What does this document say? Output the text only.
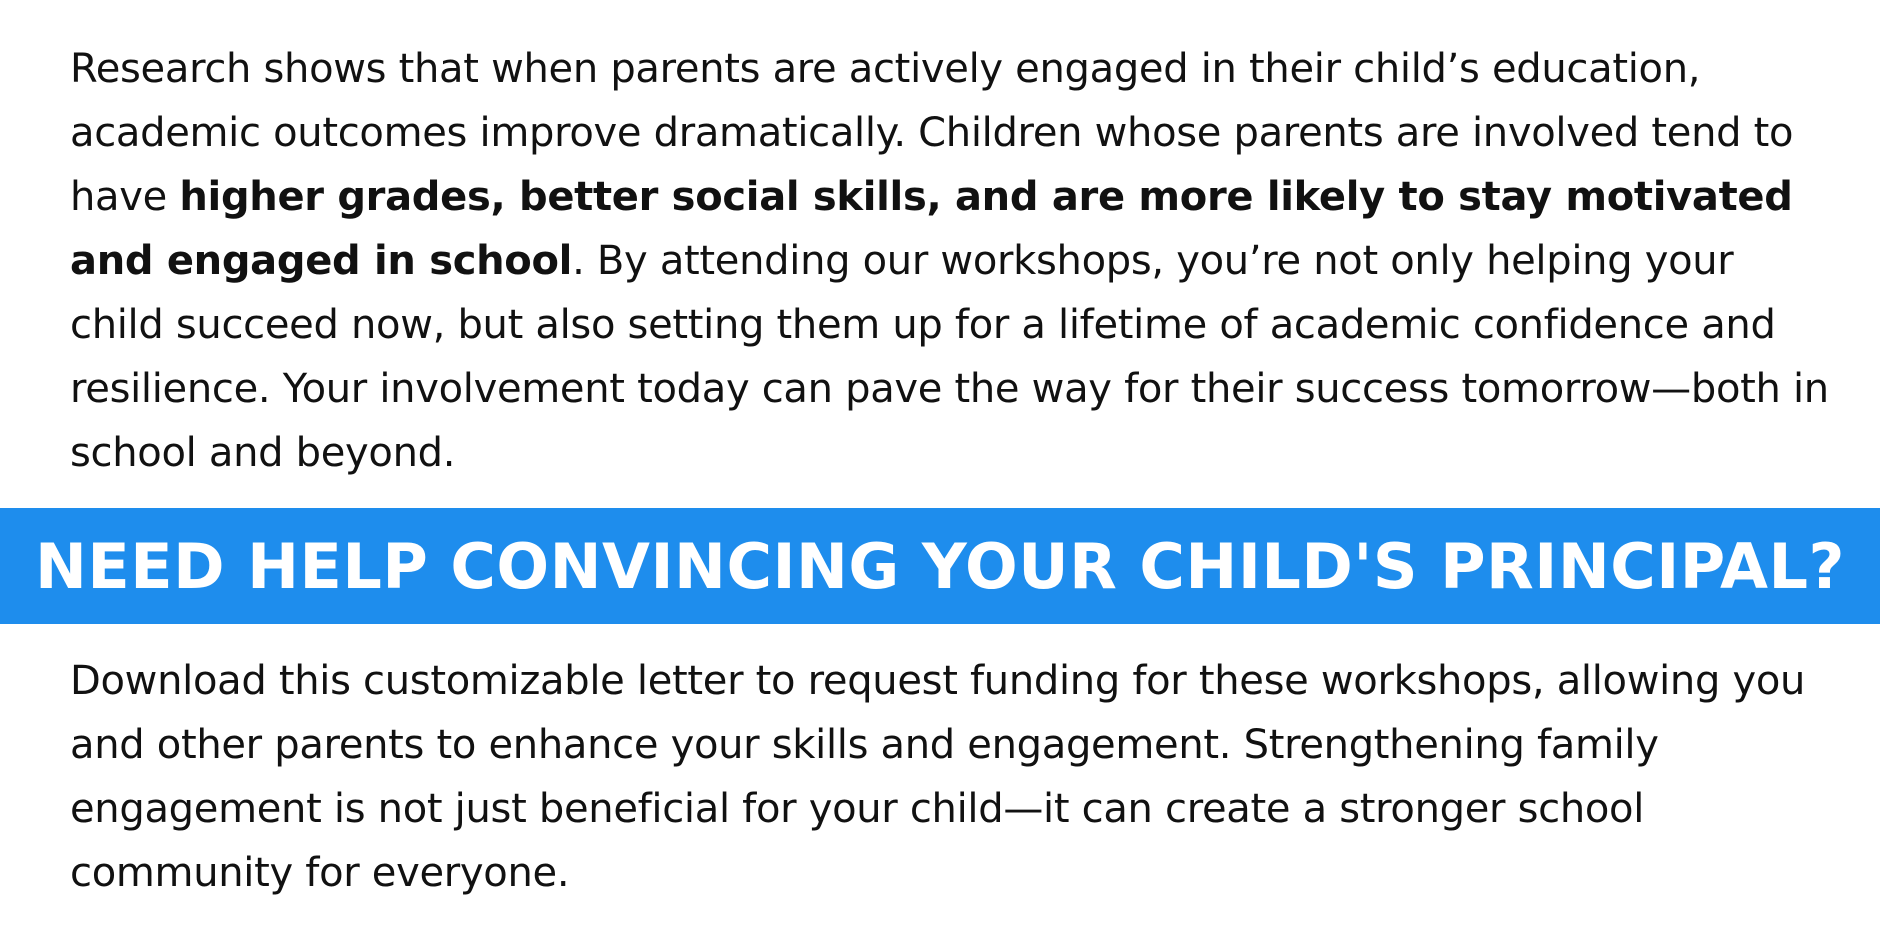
Research shows that when parents are actively engaged in their child’s education, academic outcomes improve dramatically. Children whose parents are involved tend to have higher grades, better social skills, and are more likely to stay motivated and engaged in school. By attending our workshops, you’re not only helping your child succeed now, but also setting them up for a lifetime of academic confidence and resilience. Your involvement today can pave the way for their success tomorrow—both in school and beyond.

NEED HELP CONVINCING YOUR CHILD'S PRINCIPAL?

Download this customizable letter to request funding for these workshops, allowing you and other parents to enhance your skills and engagement. Strengthening family engagement is not just beneficial for your child—it can create a stronger school community for everyone.
